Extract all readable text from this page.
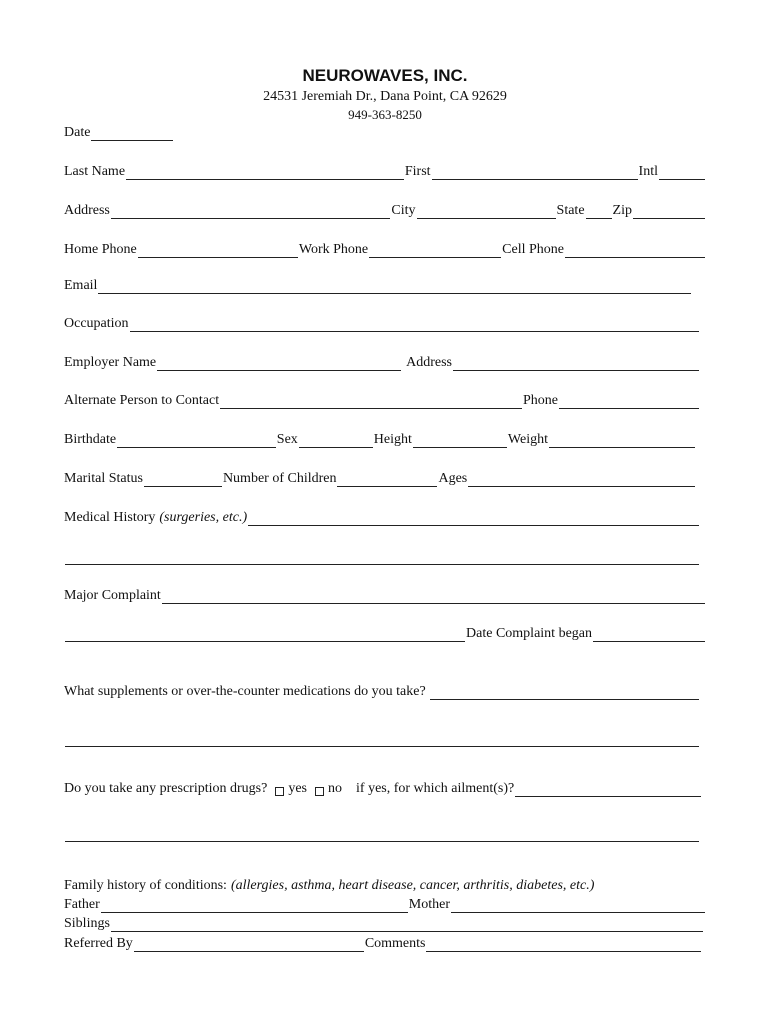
NEUROWAVES, INC.
24531 Jeremiah Dr., Dana Point, CA 92629
949-363-8250
Date
Last Name	First	Intl
Address	City	State Zip
Home Phone	Work Phone	Cell Phone
Email
Occupation
Employer Name	Address
Alternate Person to Contact	Phone
Birthdate	Sex	Height	Weight
Marital Status	Number of Children	Ages
Medical History (surgeries, etc.)
Major Complaint
Date Complaint began
What supplements or over-the-counter medications do you take?
Do you take any prescription drugs? yes no if yes, for which ailment(s)?
Family history of conditions: (allergies, asthma, heart disease, cancer, arthritis, diabetes, etc.)
Father	Mother
Siblings
Referred By	Comments
